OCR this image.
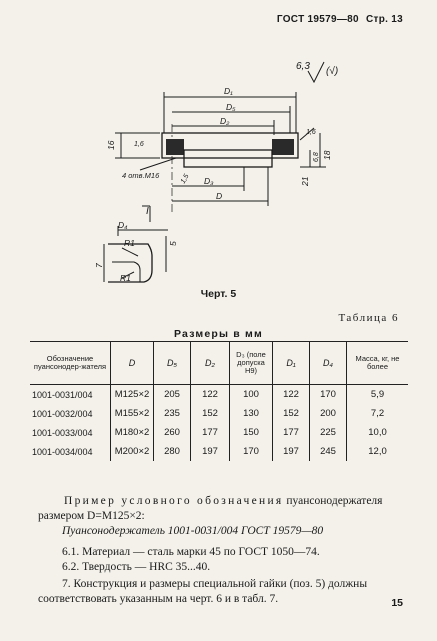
ГОСТ 19579—80 Стр. 13
6,3 (√)
D₁
D₅
D₂
D₃
D
16	1,6
4 отв.M16	1,5
1,6
6,8 18
21
I
D₄
R1
R1
5
7
Черт. 5
Таблица 6
Размеры в мм
Обозначение пуансонодер-жателя	D	D₅	D₂	D₃ (поле допуска H9)	D₁	D₄	Масса, кг, не более
1001-0031/004	M125×2	205	122	100	122	170	5,9
1001-0032/004	M155×2	235	152	130	152	200	7,2
1001-0033/004	M180×2	260	177	150	177	225	10,0
1001-0034/004	M200×2	280	197	170	197	245	12,0
Пример условного обозначения пуансонодержателя размером D=M125×2:
Пуансонодержатель 1001-0031/004 ГОСТ 19579—80
6.1. Материал — сталь марки 45 по ГОСТ 1050—74.
6.2. Твердость — HRC 35...40.
7. Конструкция и размеры специальной гайки (поз. 5) должны соответствовать указанным на черт. 6 и в табл. 7.	15
